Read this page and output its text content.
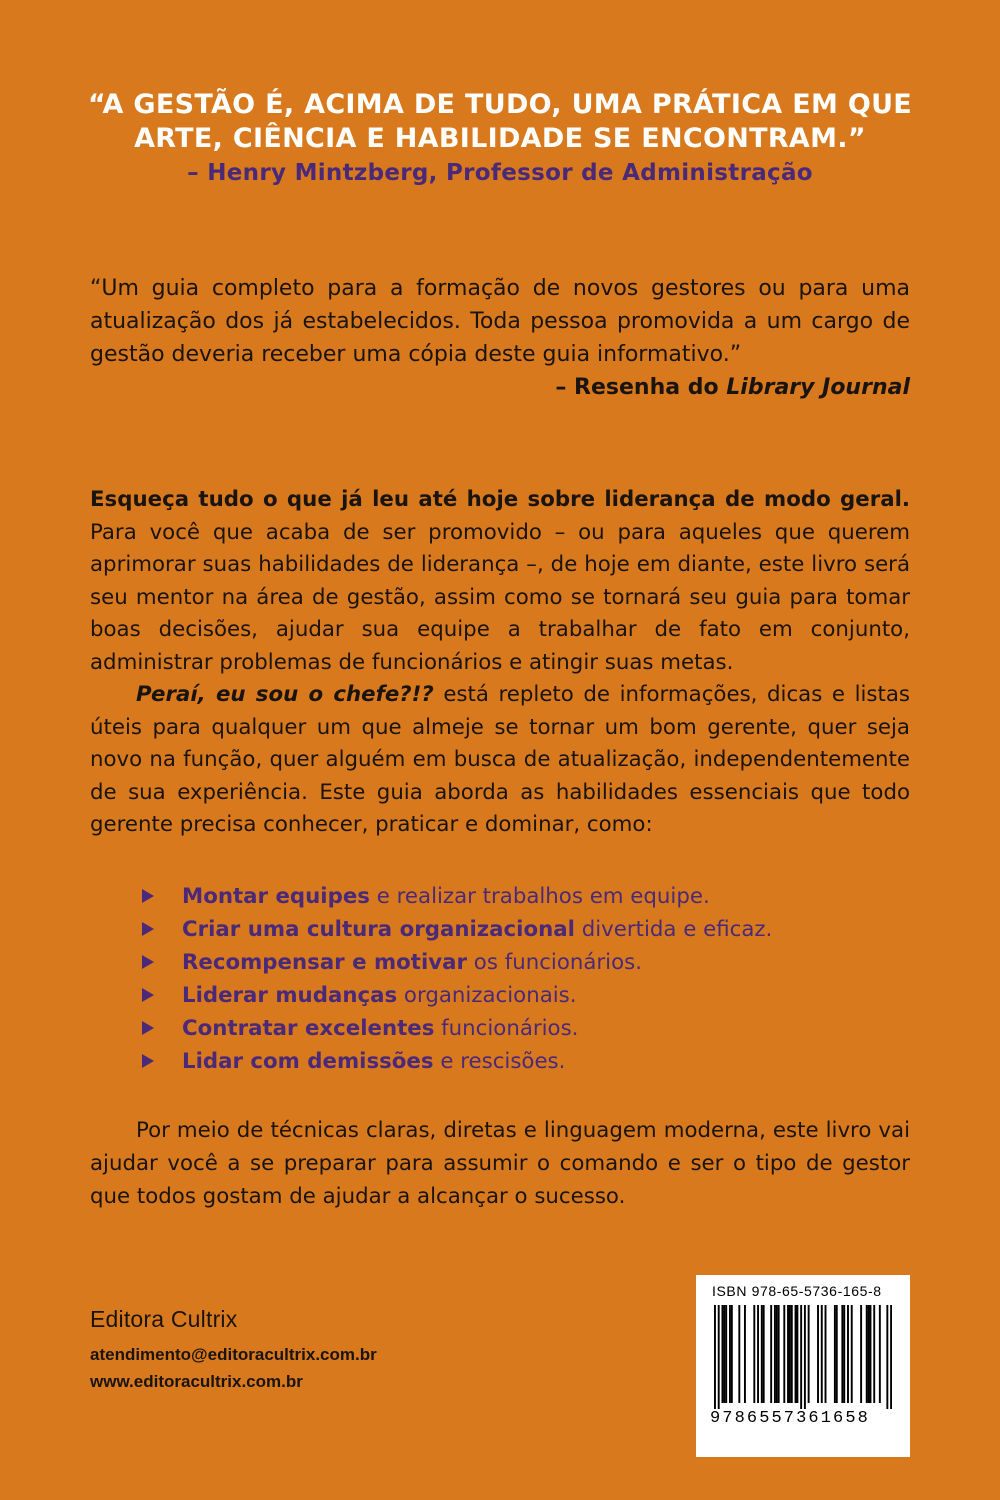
“A GESTÃO É, ACIMA DE TUDO, UMA PRÁTICA EM QUE
ARTE, CIÊNCIA E HABILIDADE SE ENCONTRAM.”
– Henry Mintzberg, Professor de Administração
“Um guia completo para a formação de novos gestores ou para uma atualização dos já estabelecidos. Toda pessoa promovida a um cargo de gestão deveria receber uma cópia deste guia informativo.”
– Resenha do Library Journal

Esqueça tudo o que já leu até hoje sobre liderança de modo geral. Para você que acaba de ser promovido – ou para aqueles que querem aprimorar suas habilidades de liderança –, de hoje em diante, este livro será seu mentor na área de gestão, assim como se tornará seu guia para tomar boas decisões, ajudar sua equipe a trabalhar de fato em conjunto, administrar problemas de funcionários e atingir suas metas.

Peraí, eu sou o chefe?!? está repleto de informações, dicas e listas úteis para qualquer um que almeje se tornar um bom gerente, quer seja novo na função, quer alguém em busca de atualização, independentemente de sua experiência. Este guia aborda as habilidades essenciais que todo gerente precisa conhecer, praticar e dominar, como:

Montar equipes e realizar trabalhos em equipe.
Criar uma cultura organizacional divertida e eficaz.
Recompensar e motivar os funcionários.
Liderar mudanças organizacionais.
Contratar excelentes funcionários.
Lidar com demissões e rescisões.
Por meio de técnicas claras, diretas e linguagem moderna, este livro vai ajudar você a se preparar para assumir o comando e ser o tipo de gestor que todos gostam de ajudar a alcançar o sucesso.
Editora Cultrix
atendimento@editoracultrix.com.br
www.editoracultrix.com.br
ISBN 978-65-5736-165-8
9786557361658
